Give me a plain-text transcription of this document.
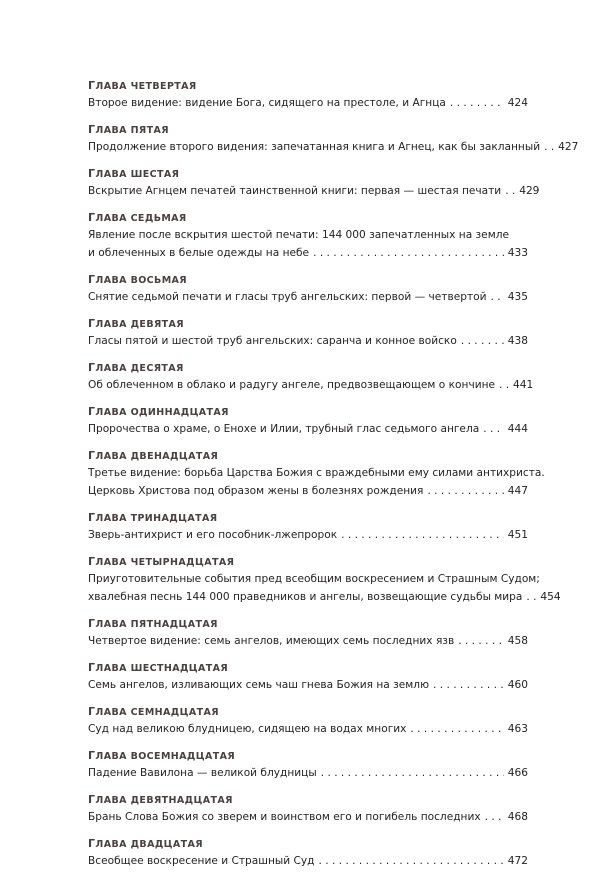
ГЛАВА ЧЕТВЕРТАЯ
Второе видение: видение Бога, сидящего на престоле, и Агнца . . .	424
ГЛАВА ПЯТАЯ
Продолжение второго видения: запечатанная книга и Агнец, как бы закланный . . . 427
ГЛАВА ШЕСТАЯ
Вскрытие Агнцем печатей таинственной книги: первая — шестая печати . . . 429
ГЛАВА СЕДЬМАЯ
Явление после вскрытия шестой печати: 144 000 запечатленных на земле
и облеченных в белые одежды на небе . . .	433
ГЛАВА ВОСЬМАЯ
Снятие седьмой печати и гласы труб ангельских: первой — четвертой . . . 435
ГЛАВА ДЕВЯТАЯ
Гласы пятой и шестой труб ангельских: саранча и конное войско . . .	438
ГЛАВА ДЕСЯТАЯ
Об облеченном в облако и радугу ангеле, предвозвещающем о кончине . . . 441
ГЛАВА ОДИННАДЦАТАЯ
Пророчества о храме, о Енохе и Илии, трубный глас седьмого ангела . . .	444
ГЛАВА ДВЕНАДЦАТАЯ
Третье видение: борьба Царства Божия с враждебными ему силами антихриста.
Церковь Христова под образом жены в болезнях рождения . . .	447
ГЛАВА ТРИНАДЦАТАЯ
Зверь-антихрист и его пособник-лжепророк . . .	451
ГЛАВА ЧЕТЫРНАДЦАТАЯ
Приуготовительные события пред всеобщим воскресением и Страшным Судом;
хвалебная песнь 144 000 праведников и ангелы, возвещающие судьбы мира . . . 454
ГЛАВА ПЯТНАДЦАТАЯ
Четвертое видение: семь ангелов, имеющих семь последних язв . . .	458
ГЛАВА ШЕСТНАДЦАТАЯ
Семь ангелов, изливающих семь чаш гнева Божия на землю . . .	460
ГЛАВА СЕМНАДЦАТАЯ
Суд над великою блудницею, сидящею на водах многих . . .	463
ГЛАВА ВОСЕМНАДЦАТАЯ
Падение Вавилона — великой блудницы . . .	466
ГЛАВА ДЕВЯТНАДЦАТАЯ
Брань Слова Божия со зверем и воинством его и погибель последних . . .	468
ГЛАВА ДВАДЦАТАЯ
Всеобщее воскресение и Страшный Суд . . .	472
